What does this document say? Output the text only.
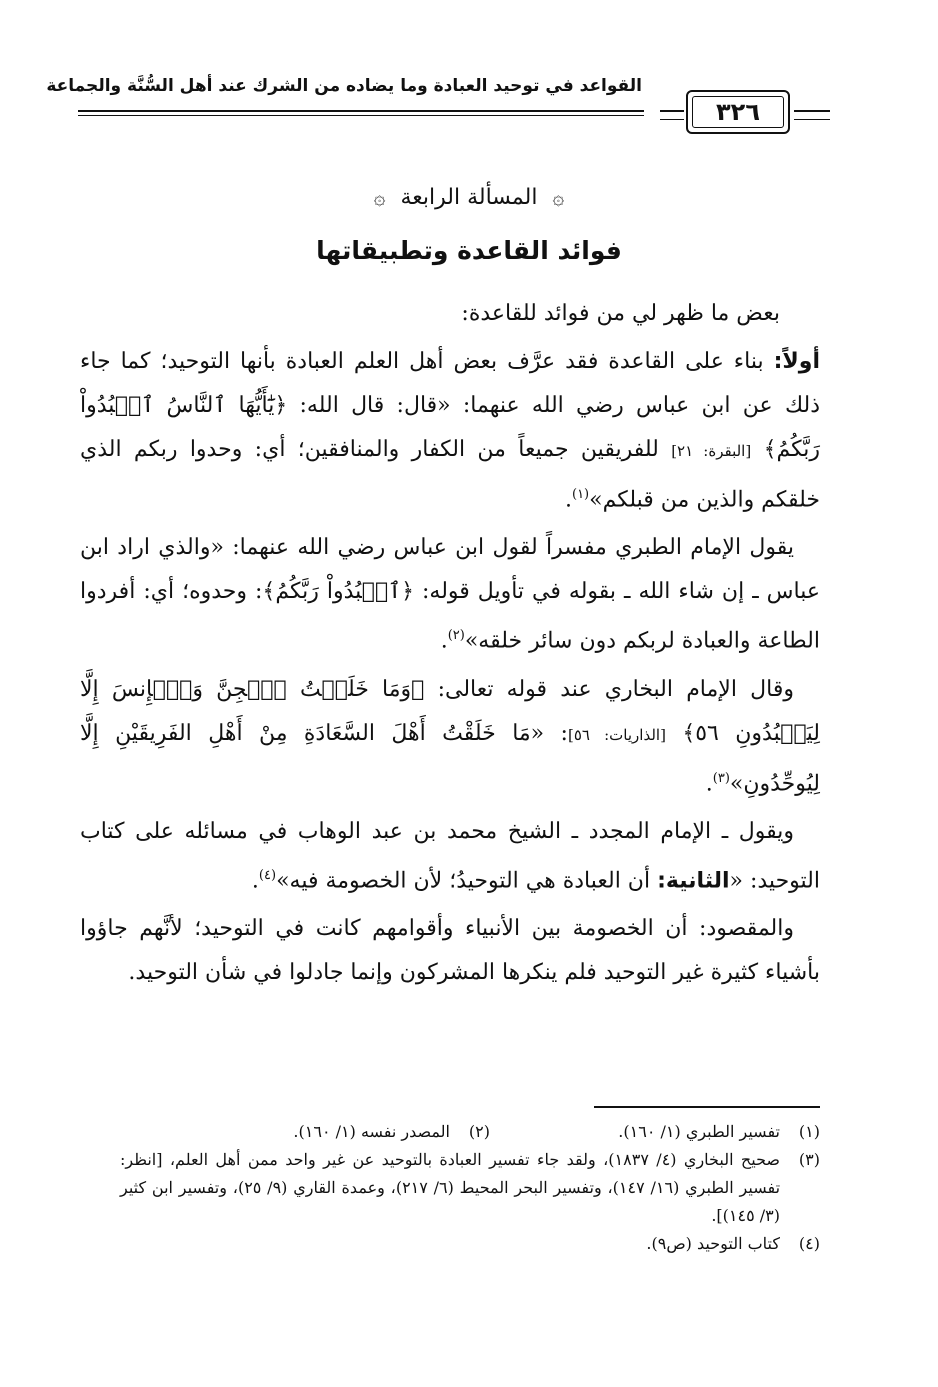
القواعد في توحيد العبادة وما يضاده من الشرك عند أهل السُّنَّة والجماعة
٣٢٦
۞ المسألة الرابعة ۞
فوائد القاعدة وتطبيقاتها

بعض ما ظهر لي من فوائد للقاعدة:

أولاً: بناء على القاعدة فقد عرَّف بعض أهل العلم العبادة بأنها التوحيد؛ كما جاء ذلك عن ابن عباس رضي الله عنهما: «قال: قال الله: ﴿يَٰٓأَيُّهَا ٱلنَّاسُ ٱعۡبُدُواْ رَبَّكُمُ﴾ [البقرة: ٢١] للفريقين جميعاً من الكفار والمنافقين؛ أي: وحدوا ربكم الذي خلقكم والذين من قبلكم»$^{(١)}$.

يقول الإمام الطبري مفسراً لقول ابن عباس رضي الله عنهما: «والذي اراد ابن عباس ـ إن شاء الله ـ بقوله في تأويل قوله: ﴿ٱعۡبُدُواْ رَبَّكُمُ﴾: وحدوه؛ أي: أفردوا الطاعة والعبادة لربكم دون سائر خلقه»$^{(٢)}$.

وقال الإمام البخاري عند قوله تعالى: ﴿وَمَا خَلَقۡتُ ٱلۡجِنَّ وَٱلۡإِنسَ إِلَّا لِيَعۡبُدُونِ ٥٦﴾ [الذاريات: ٥٦]: «مَا خَلَقْتُ أَهْلَ السَّعَادَةِ مِنْ أَهْلِ الفَرِيقَيْنِ إِلَّا لِيُوحِّدُونِ»$^{(٣)}$.

ويقول ـ الإمام المجدد ـ الشيخ محمد بن عبد الوهاب في مسائله على كتاب التوحيد: «الثانية: أن العبادة هي التوحيدُ؛ لأن الخصومة فيه»$^{(٤)}$.

والمقصود: أن الخصومة بين الأنبياء وأقوامهم كانت في التوحيد؛ لأنَّهم جاؤوا بأشياء كثيرة غير التوحيد فلم ينكرها المشركون وإنما جادلوا في شأن التوحيد.

(١)
تفسير الطبري (١/ ١٦٠).
(٢)
المصدر نفسه (١/ ١٦٠).
(٣)
صحيح البخاري (٤/ ١٨٣٧)، ولقد جاء تفسير العبادة بالتوحيد عن غير واحد ممن أهل العلم، [انظر: تفسير الطبري (١٦/ ١٤٧)، وتفسير البحر المحيط (٦/ ٢١٧)، وعمدة القاري (٩/ ٢٥)، وتفسير ابن كثير (٣/ ١٤٥)].
(٤)
كتاب التوحيد (ص٩).
